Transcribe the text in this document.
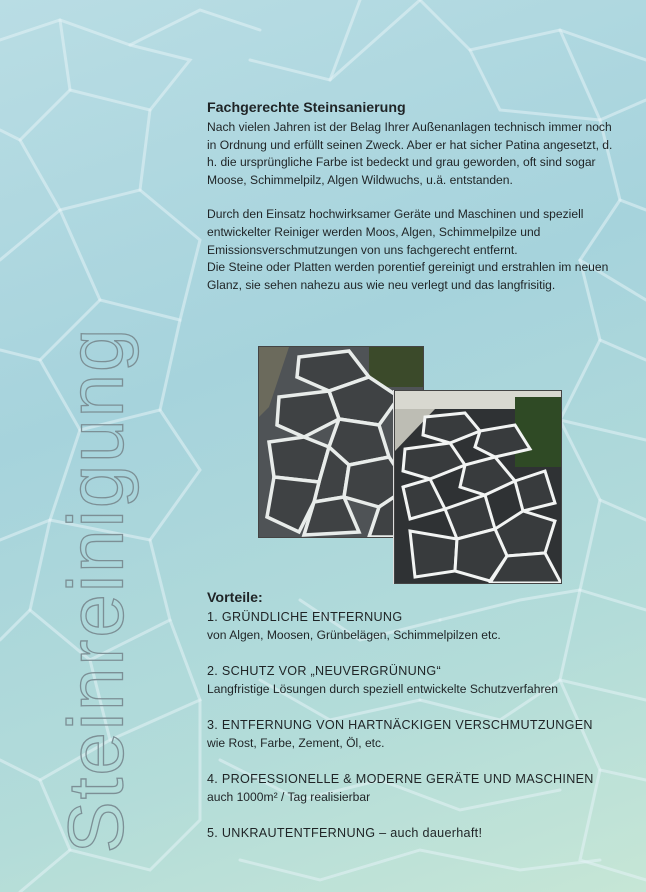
Steinreinigung
Fachgerechte Steinsanierung

Nach vielen Jahren ist der Belag Ihrer Außenanlagen technisch immer noch in Ordnung und erfüllt seinen Zweck. Aber er hat sicher Patina angesetzt, d. h. die ursprüngliche Farbe ist bedeckt und grau geworden, oft sind sogar Moose, Schimmelpilz, Algen Wildwuchs, u.ä. entstanden.

Durch den Einsatz hochwirksamer Geräte und Maschinen und speziell entwickelter Reiniger werden Moos, Algen, Schimmelpilze und Emissionsverschmutzungen von uns fachgerecht entfernt.

Die Steine oder Platten werden porentief gereinigt und erstrahlen im neuen Glanz, sie sehen nahezu aus wie neu verlegt und das langfrisitig.

Vorteile:
1. GRÜNDLICHE ENTFERNUNG
von Algen, Moosen, Grünbelägen, Schimmelpilzen etc.
2. SCHUTZ VOR „NEUVERGRÜNUNG“
Langfristige Lösungen durch speziell entwickelte Schutzverfahren
3. ENTFERNUNG VON HARTNÄCKIGEN VERSCHMUTZUNGEN
wie Rost, Farbe, Zement, Öl, etc.
4. PROFESSIONELLE & MODERNE GERÄTE UND MASCHINEN
auch 1000m² / Tag realisierbar
5. UNKRAUTENTFERNUNG – auch dauerhaft!
